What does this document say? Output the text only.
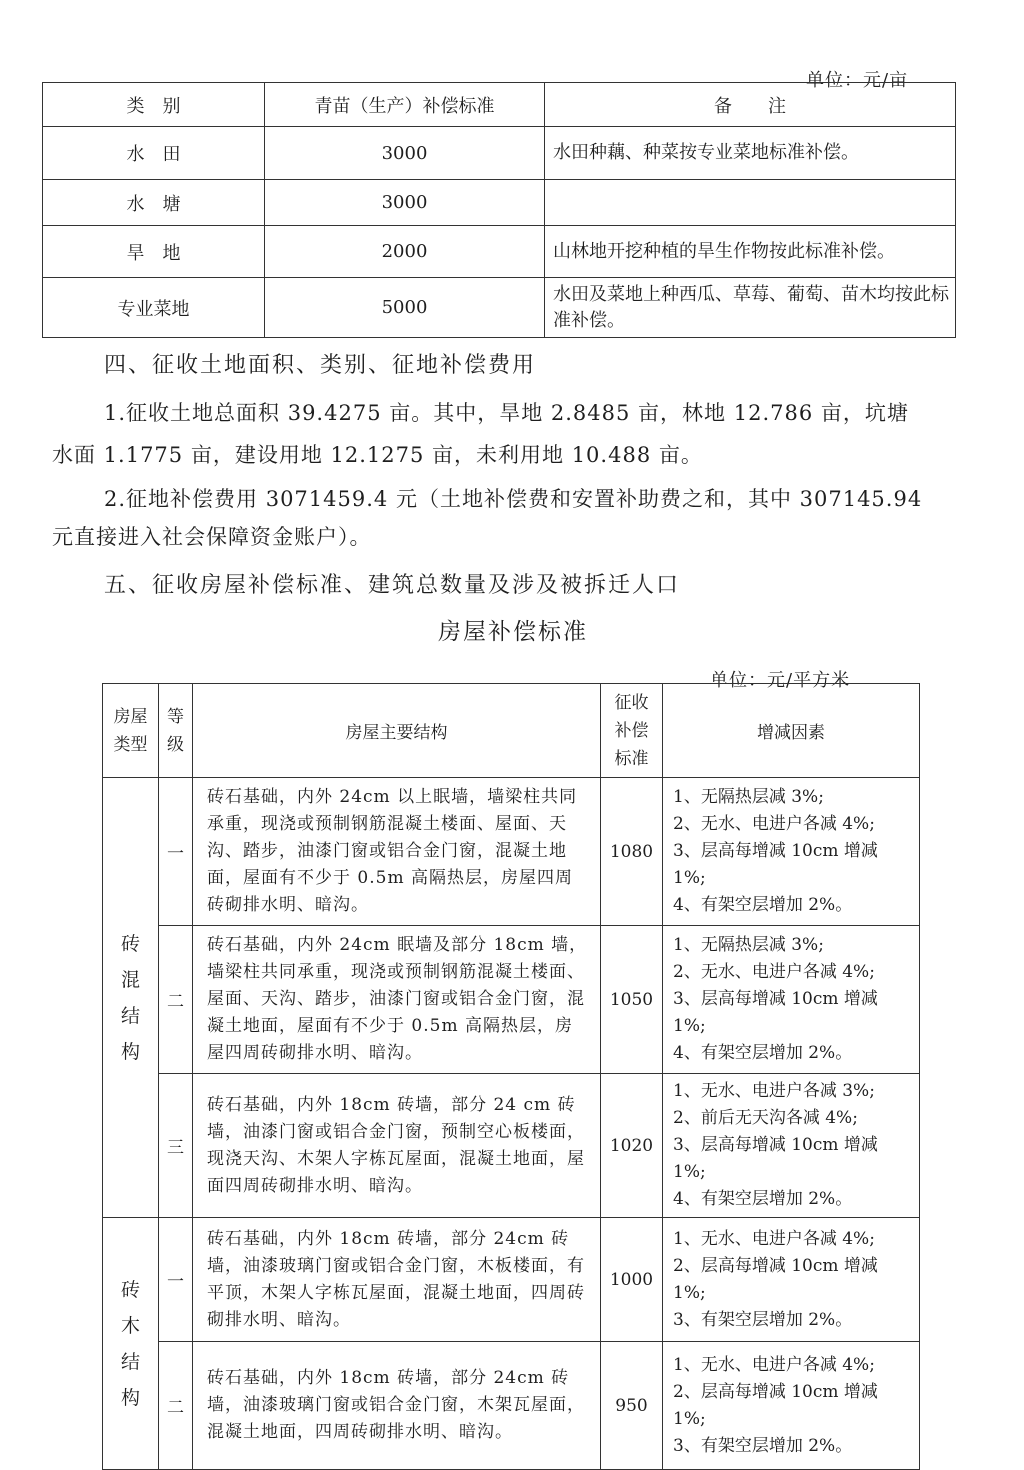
单位：元/亩
类　别	青苗（生产）补偿标准	备　　注
水　田	3000	水田种藕、种菜按专业菜地标准补偿。
水　塘	3000	
旱　地	2000	山林地开挖种植的旱生作物按此标准补偿。
专业菜地	5000	水田及菜地上种西瓜、草莓、葡萄、苗木均按此标准补偿。
四、征收土地面积、类别、征地补偿费用
1.征收土地总面积 39.4275 亩。其中，旱地 2.8485 亩，林地 12.786 亩，坑塘
水面 1.1775 亩，建设用地 12.1275 亩，未利用地 10.488 亩。
2.征地补偿费用 3071459.4 元（土地补偿费和安置补助费之和，其中 307145.94
元直接进入社会保障资金账户）。
五、征收房屋补偿标准、建筑总数量及涉及被拆迁人口
房屋补偿标准
单位：元/平方米
房屋类型	等级	房屋主要结构	征收补偿标准	增减因素
砖混结构	一	砖石基础，内外 24cm 以上眠墙，墙梁柱共同承重，现浇或预制钢筋混凝土楼面、屋面、天沟、踏步，油漆门窗或铝合金门窗，混凝土地面，屋面有不少于 0.5m 高隔热层，房屋四周砖砌排水明、暗沟。	1080	1、无隔热层减 3%;
2、无水、电进户各减 4%;
3、层高每增减 10cm 增减 1%;
4、有架空层增加 2%。

	二	砖石基础，内外 24cm 眠墙及部分 18cm 墙，墙梁柱共同承重，现浇或预制钢筋混凝土楼面、屋面、天沟、踏步，油漆门窗或铝合金门窗，混凝土地面，屋面有不少于 0.5m 高隔热层，房屋四周砖砌排水明、暗沟。	1050	1、无隔热层减 3%;
2、无水、电进户各减 4%;
3、层高每增减 10cm 增减 1%;
4、有架空层增加 2%。

	三	砖石基础，内外 18cm 砖墙，部分 24 cm 砖墙，油漆门窗或铝合金门窗，预制空心板楼面，现浇天沟、木架人字栋瓦屋面，混凝土地面，屋面四周砖砌排水明、暗沟。	1020	1、无水、电进户各减 3%;
2、前后无天沟各减 4%;
3、层高每增减 10cm 增减 1%;
4、有架空层增加 2%。

砖木结构	一	砖石基础，内外 18cm 砖墙，部分 24cm 砖墙，油漆玻璃门窗或铝合金门窗，木板楼面，有平顶，木架人字栋瓦屋面，混凝土地面，四周砖砌排水明、暗沟。	1000	1、无水、电进户各减 4%;
2、层高每增减 10cm 增减 1%;
3、有架空层增加 2%。

	二	砖石基础，内外 18cm 砖墙，部分 24cm 砖墙，油漆玻璃门窗或铝合金门窗，木架瓦屋面，混凝土地面，四周砖砌排水明、暗沟。	950	1、无水、电进户各减 4%;
2、层高每增减 10cm 增减 1%;
3、有架空层增加 2%。
